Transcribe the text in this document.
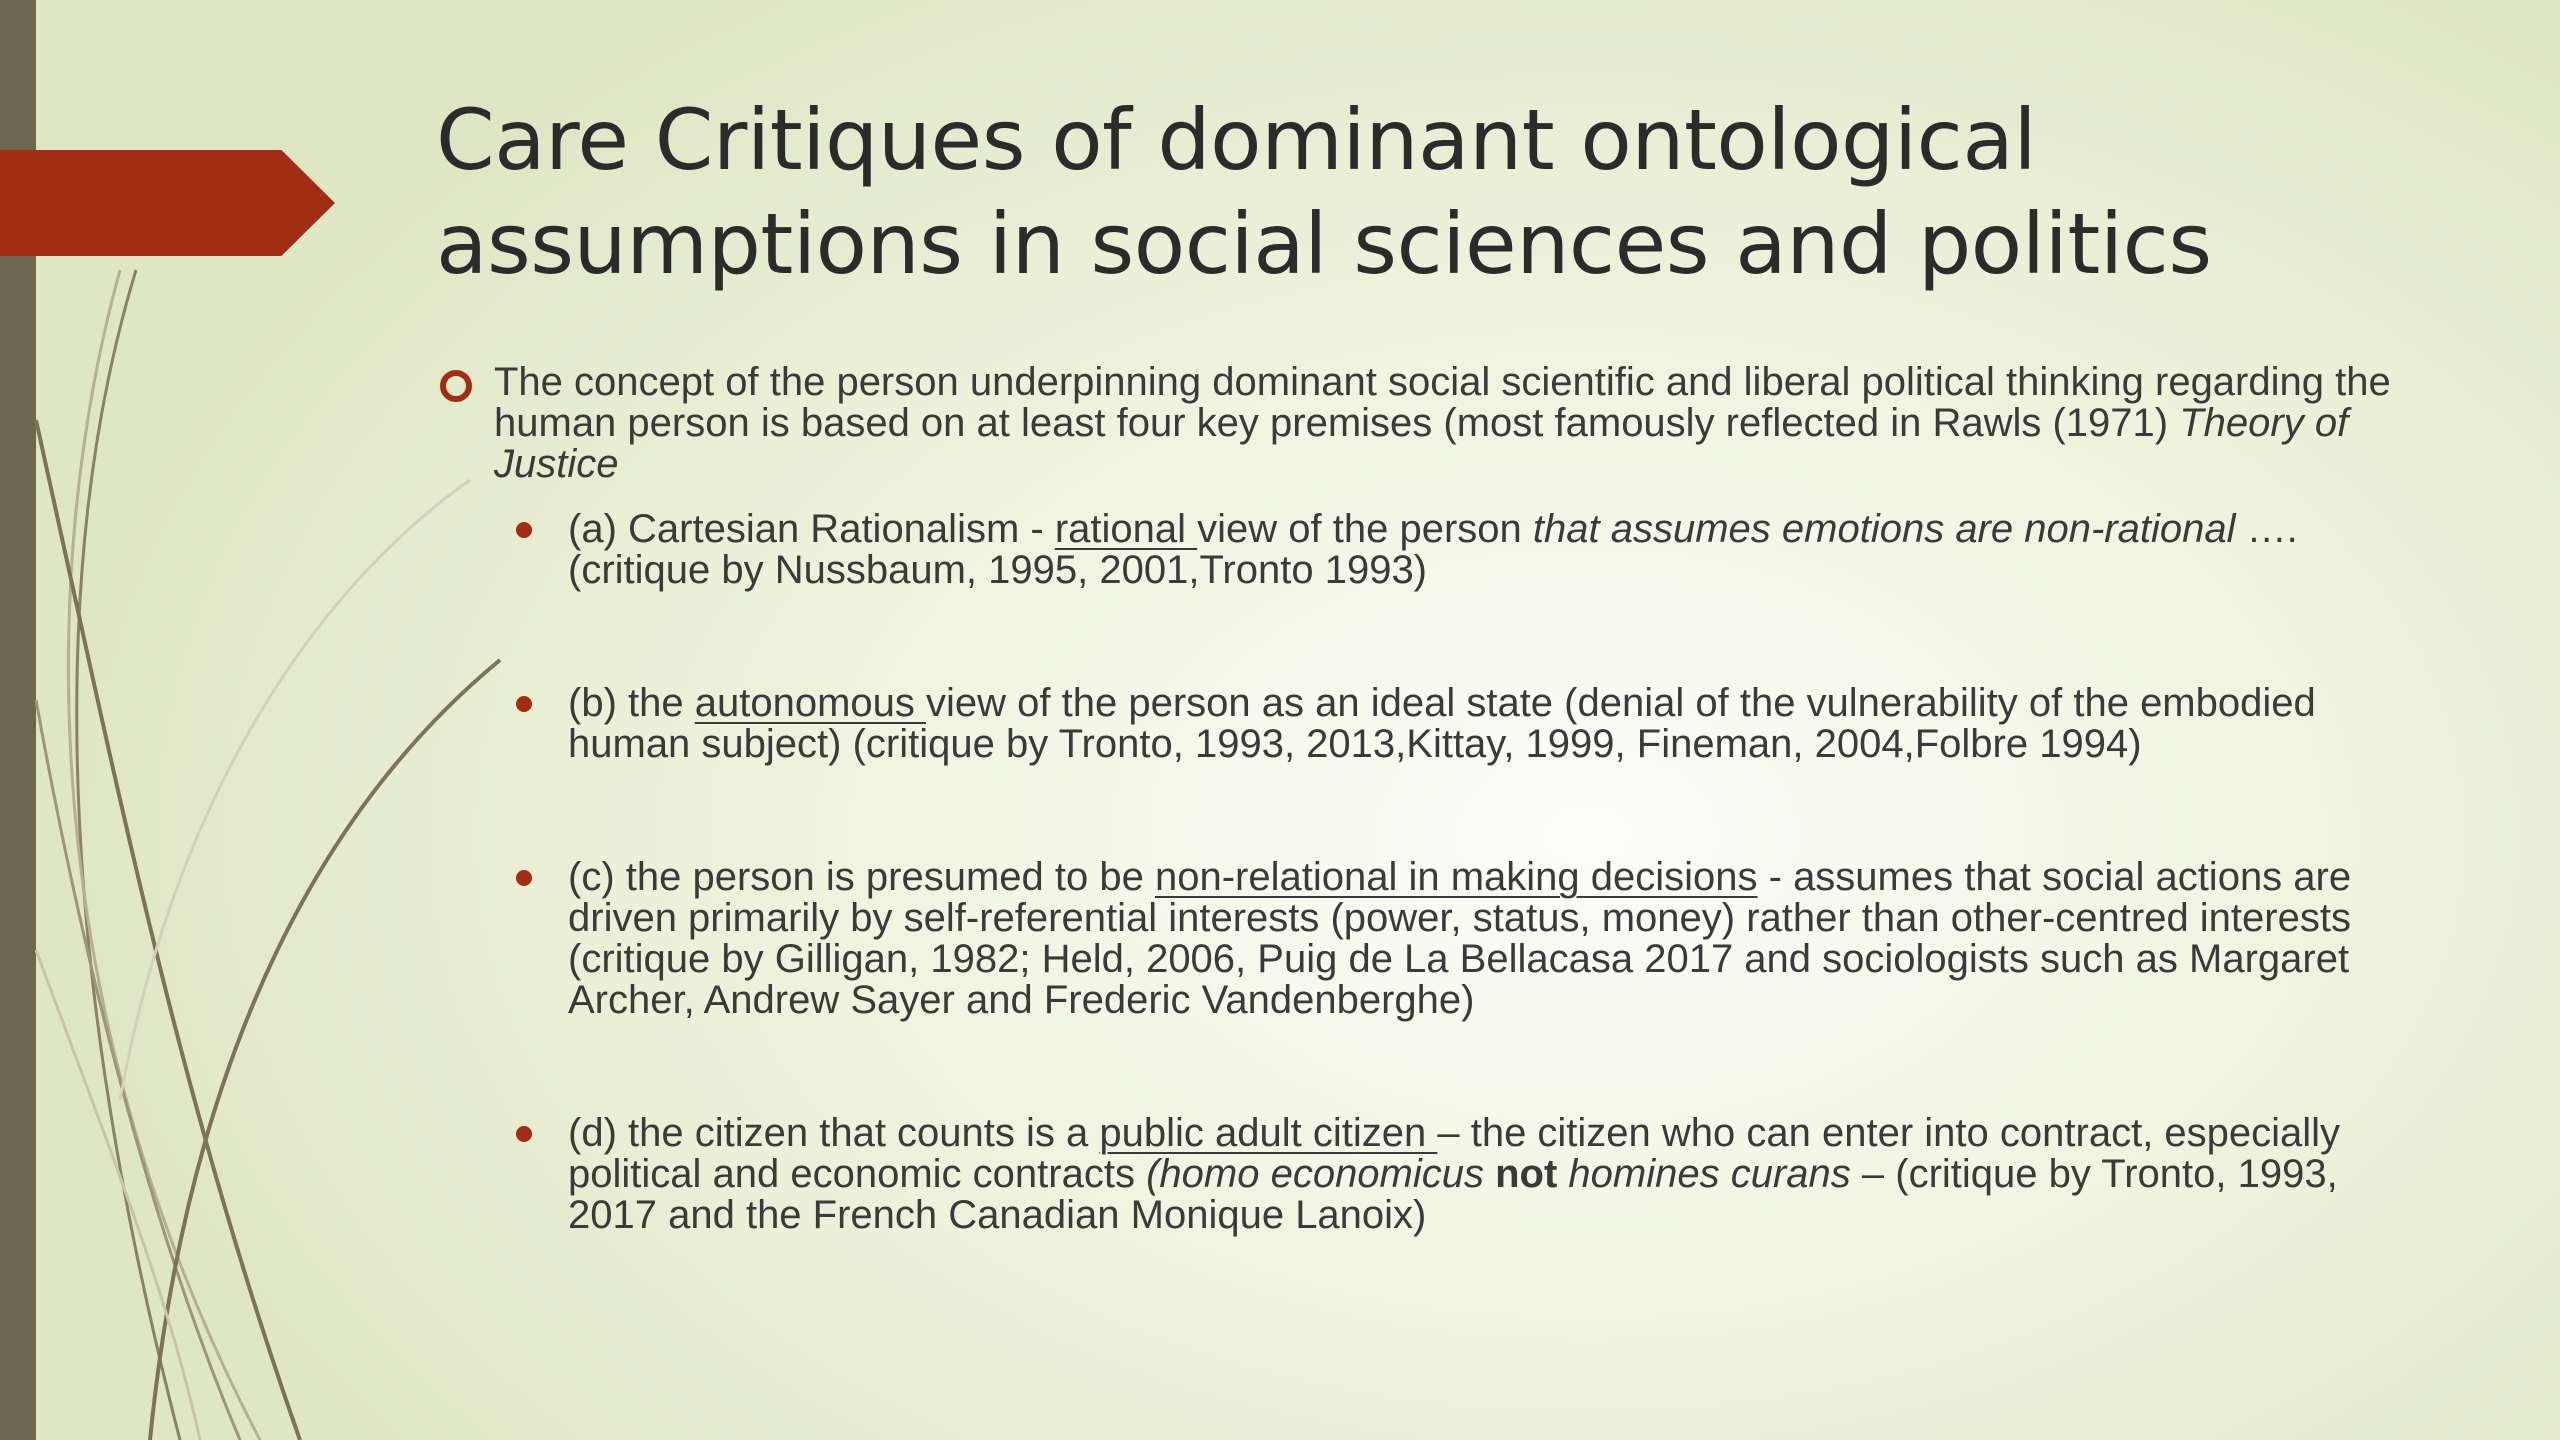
Care Critiques of dominant ontological
assumptions in social sciences and politics
The concept of the person underpinning dominant social scientific and liberal political thinking regarding the human person is based on at least four key premises (most famously reflected in Rawls (1971) Theory of Justice
(a) Cartesian Rationalism - rational view of the person that assumes emotions are non-rational ….(critique by Nussbaum, 1995, 2001,Tronto 1993)
(b) the autonomous view of the person as an ideal state (denial of the vulnerability of the embodied human subject) (critique by Tronto, 1993, 2013,Kittay, 1999, Fineman, 2004,Folbre 1994)
(c) the person is presumed to be non-relational in making decisions - assumes that social actions are driven primarily by self-referential interests (power, status, money) rather than other-centred interests (critique by Gilligan, 1982; Held, 2006, Puig de La Bellacasa 2017 and sociologists such as Margaret Archer, Andrew Sayer and Frederic Vandenberghe)
(d) the citizen that counts is a public adult citizen – the citizen who can enter into contract, especially political and economic contracts (homo economicus not homines curans – (critique by Tronto, 1993, 2017 and the French Canadian Monique Lanoix)
